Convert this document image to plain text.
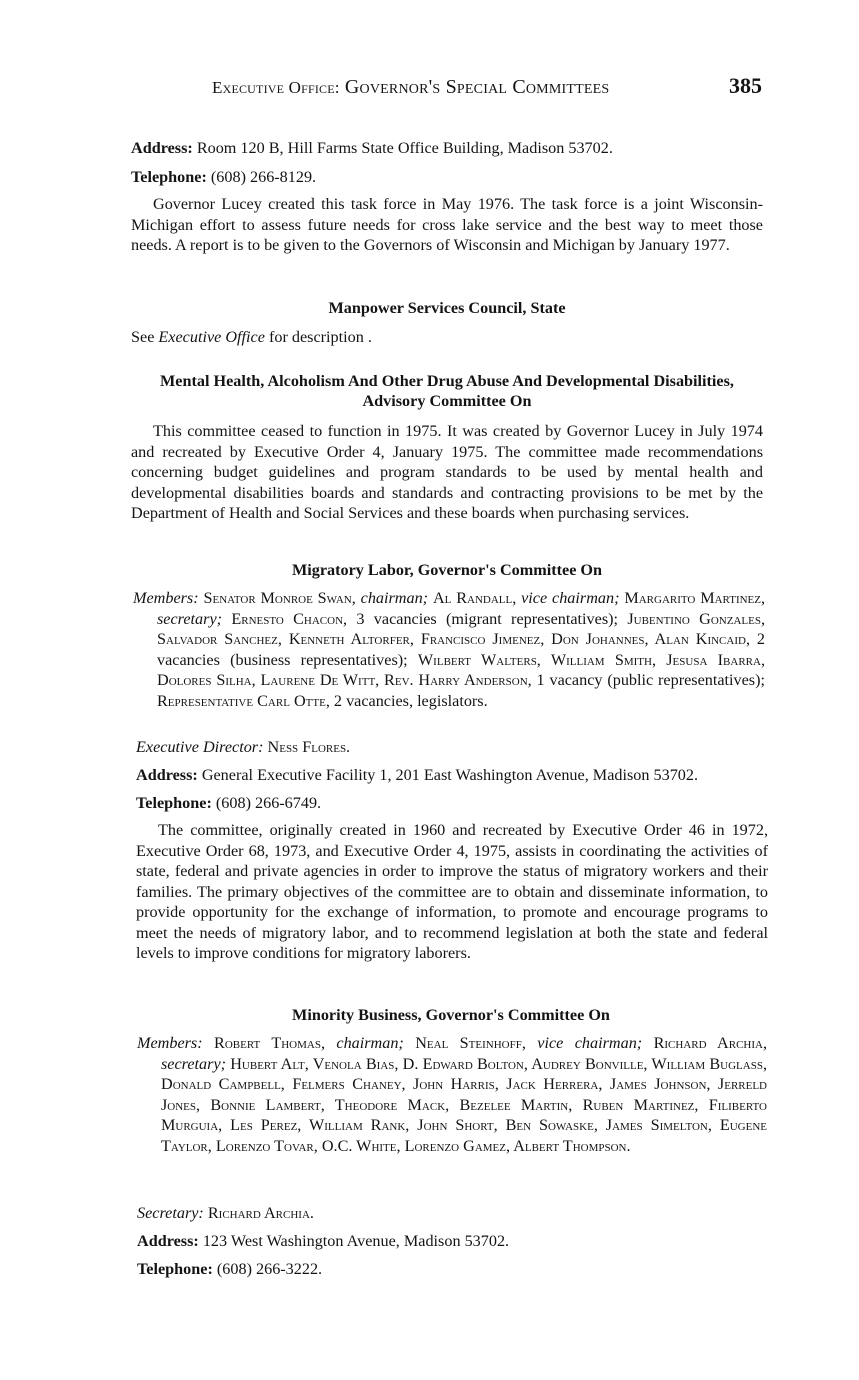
Executive Office: Governor's Special Committees	385
Address: Room 120 B, Hill Farms State Office Building, Madison 53702.
Telephone: (608) 266-8129.
Governor Lucey created this task force in May 1976. The task force is a joint Wisconsin-Michigan effort to assess future needs for cross lake service and the best way to meet those needs. A report is to be given to the Governors of Wisconsin and Michigan by January 1977.
Manpower Services Council, State
See Executive Office for description .
Mental Health, Alcoholism And Other Drug Abuse And Developmental Disabilities,
Advisory Committee On
This committee ceased to function in 1975. It was created by Governor Lucey in July 1974 and recreated by Executive Order 4, January 1975. The committee made recommendations concerning budget guidelines and program standards to be used by mental health and developmental disabilities boards and standards and contracting provisions to be met by the Department of Health and Social Services and these boards when purchasing services.
Migratory Labor, Governor's Committee On
Members: Senator Monroe Swan, chairman; Al Randall, vice chairman; Margarito Martinez, secretary; Ernesto Chacon, 3 vacancies (migrant representatives); Jubentino Gonzales, Salvador Sanchez, Kenneth Altorfer, Francisco Jimenez, Don Johannes, Alan Kincaid, 2 vacancies (business representatives); Wilbert Walters, William Smith, Jesusa Ibarra, Dolores Silha, Laurene De Witt, Rev. Harry Anderson, 1 vacancy (public representatives); Representative Carl Otte, 2 vacancies, legislators.
Executive Director: Ness Flores.
Address: General Executive Facility 1, 201 East Washington Avenue, Madison 53702.
Telephone: (608) 266-6749.
The committee, originally created in 1960 and recreated by Executive Order 46 in 1972, Executive Order 68, 1973, and Executive Order 4, 1975, assists in coordinating the activities of state, federal and private agencies in order to improve the status of migratory workers and their families. The primary objectives of the committee are to obtain and disseminate information, to provide opportunity for the exchange of information, to promote and encourage programs to meet the needs of migratory labor, and to recommend legislation at both the state and federal levels to improve conditions for migratory laborers.
Minority Business, Governor's Committee On
Members: Robert Thomas, chairman; Neal Steinhoff, vice chairman; Richard Archia, secretary; Hubert Alt, Venola Bias, D. Edward Bolton, Audrey Bonville, William Buglass, Donald Campbell, Felmers Chaney, John Harris, Jack Herrera, James Johnson, Jerreld Jones, Bonnie Lambert, Theodore Mack, Bezelee Martin, Ruben Martinez, Filiberto Murguia, Les Perez, William Rank, John Short, Ben Sowaske, James Simelton, Eugene Taylor, Lorenzo Tovar, O.C. White, Lorenzo Gamez, Albert Thompson.
Secretary: Richard Archia.
Address: 123 West Washington Avenue, Madison 53702.
Telephone: (608) 266-3222.
